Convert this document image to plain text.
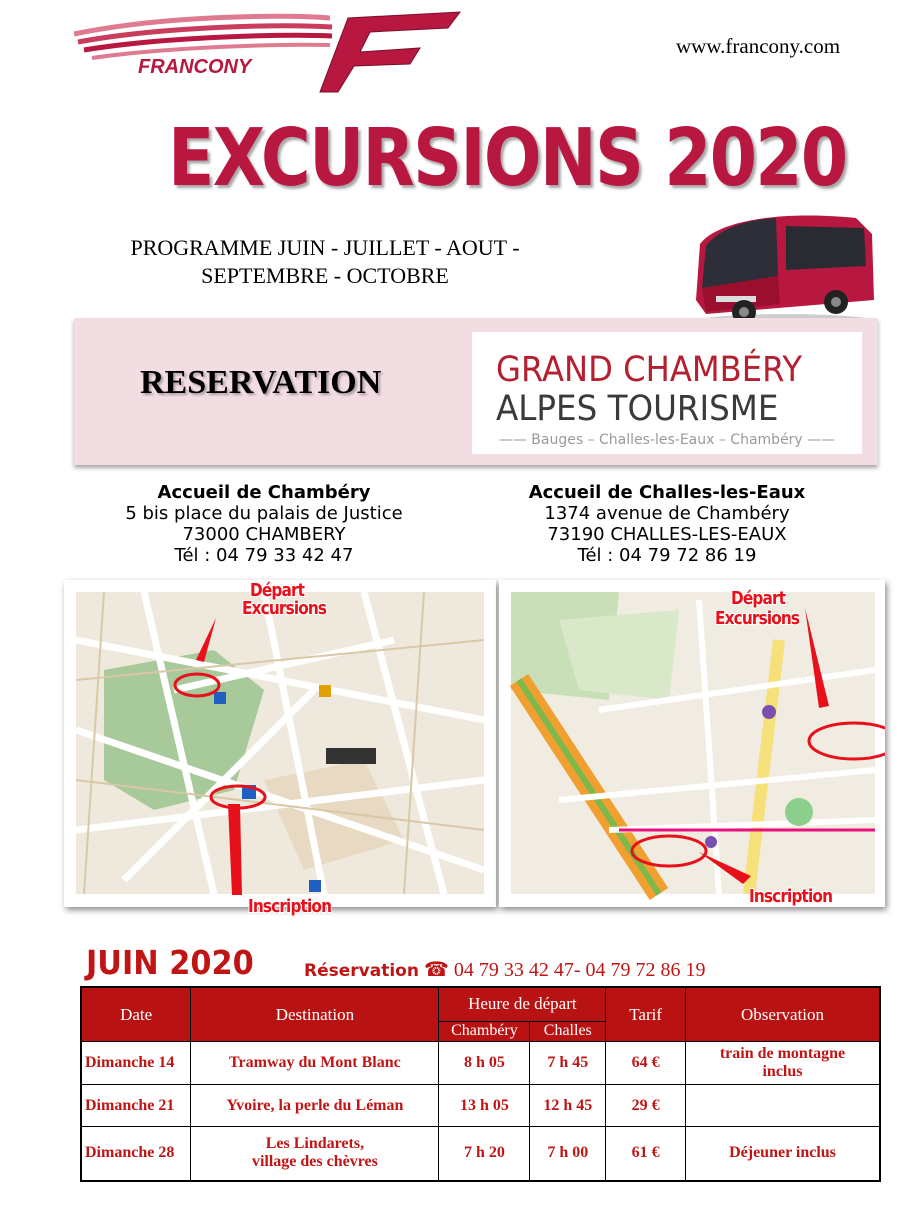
FRANCONY
www.francony.com
EXCURSIONS 2020
PROGRAMME JUIN - JUILLET - AOUT -
SEPTEMBRE - OCTOBRE
RESERVATION	GRAND CHAMBÉRY
ALPES TOURISME
—— Bauges – Challes-les-Eaux – Chambéry ——
Accueil de Chambéry
5 bis place du palais de Justice
73000 CHAMBERY
Tél : 04 79 33 42 47
Accueil de Challes-les-Eaux
1374 avenue de Chambéry
73190 CHALLES-LES-EAUX
Tél : 04 79 72 86 19
Départ
Excursions
Inscription
Départ
Excursions
Inscription
JUIN 2020	Réservation ☎ 04 79 33 42 47- 04 79 72 86 19
Date	Destination	Heure de départ		Tarif	Observation
		Chambéry	Challes		
Dimanche 14	Tramway du Mont Blanc	8 h 05	7 h 45	64 €	train de montagne
inclus

Dimanche 21	Yvoire, la perle du Léman	13 h 05	12 h 45	29 €	
Dimanche 28	Les Lindarets,
village des chèvres	7 h 20	7 h 00	61 €	Déjeuner inclus
